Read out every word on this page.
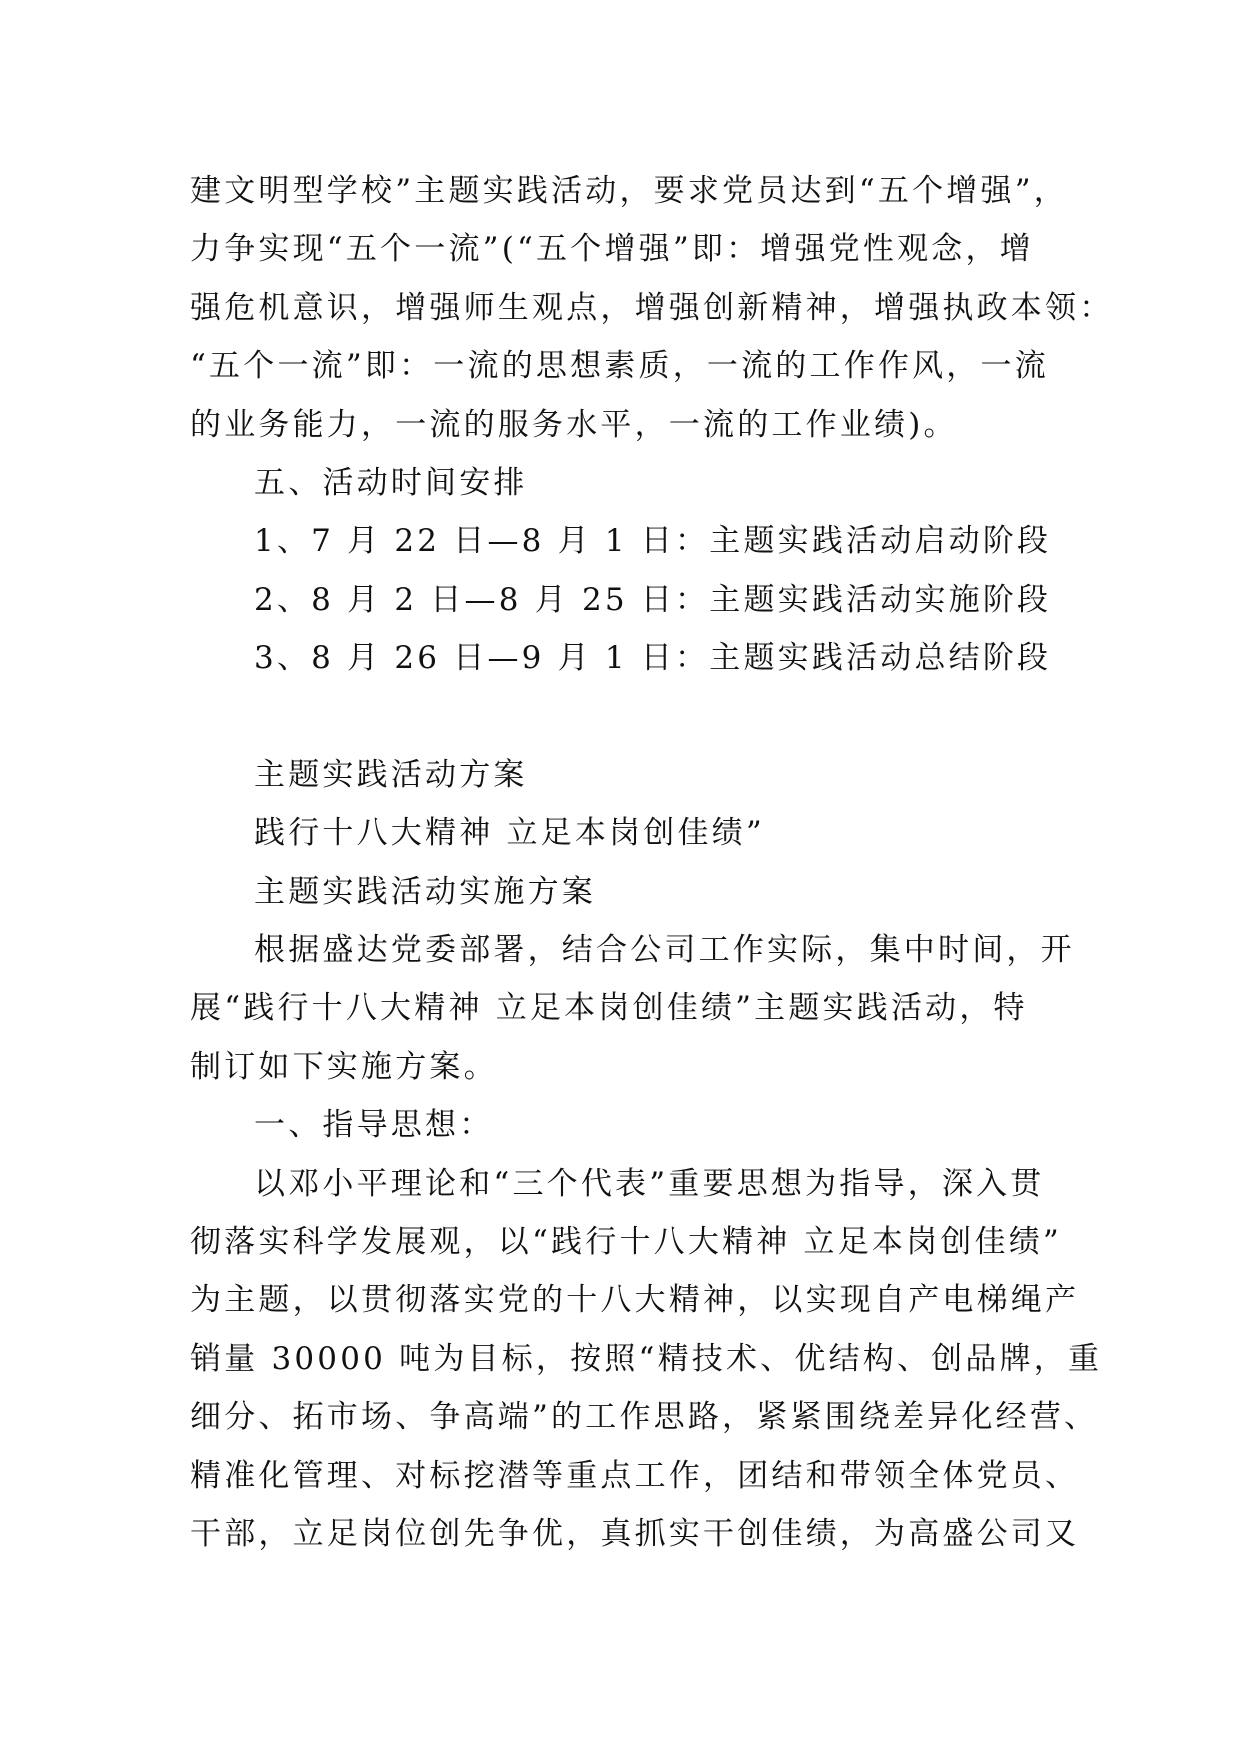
建文明型学校”主题实践活动，要求党员达到“五个增强”，
力争实现“五个一流”(“五个增强”即：增强党性观念，增
强危机意识，增强师生观点，增强创新精神，增强执政本领：
“五个一流”即：一流的思想素质，一流的工作作风，一流
的业务能力，一流的服务水平，一流的工作业绩)。
五、活动时间安排
1、7 月 22 日—8 月 1 日：主题实践活动启动阶段
2、8 月 2 日—8 月 25 日：主题实践活动实施阶段
3、8 月 26 日—9 月 1 日：主题实践活动总结阶段
主题实践活动方案
践行十八大精神 立足本岗创佳绩”
主题实践活动实施方案
根据盛达党委部署，结合公司工作实际，集中时间，开
展“践行十八大精神 立足本岗创佳绩”主题实践活动，特
制订如下实施方案。
一、指导思想：
以邓小平理论和“三个代表”重要思想为指导，深入贯
彻落实科学发展观，以“践行十八大精神 立足本岗创佳绩”
为主题，以贯彻落实党的十八大精神，以实现自产电梯绳产
销量 30000 吨为目标，按照“精技术、优结构、创品牌，重
细分、拓市场、争高端”的工作思路，紧紧围绕差异化经营、
精准化管理、对标挖潜等重点工作，团结和带领全体党员、
干部，立足岗位创先争优，真抓实干创佳绩，为高盛公司又
